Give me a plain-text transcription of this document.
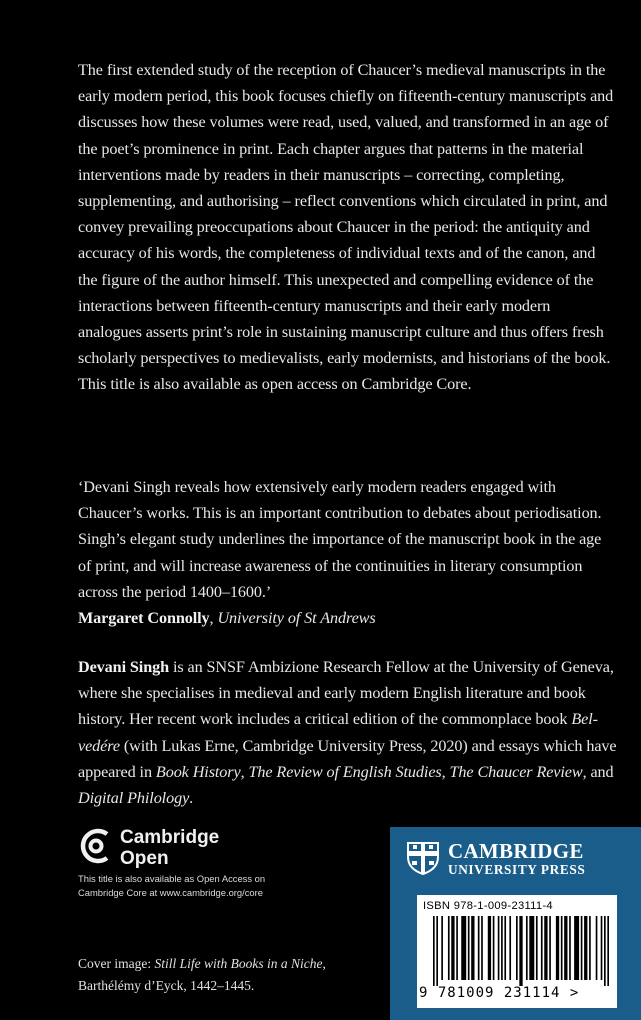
The first extended study of the reception of Chaucer’s medieval manuscripts in the early modern period, this book focuses chiefly on fifteenth-century manuscripts and discusses how these volumes were read, used, valued, and transformed in an age of the poet’s prominence in print. Each chapter argues that patterns in the material interventions made by readers in their manuscripts – correcting, completing, supplementing, and authorising – reflect conventions which circulated in print, and convey prevailing preoccupations about Chaucer in the period: the antiquity and accuracy of his words, the completeness of individual texts and of the canon, and the figure of the author himself. This unexpected and compelling evidence of the interactions between fifteenth-century manuscripts and their early modern analogues asserts print’s role in sustaining manuscript culture and thus offers fresh scholarly perspectives to medievalists, early modernists, and historians of the book. This title is also available as open access on Cambridge Core.

‘Devani Singh reveals how extensively early modern readers engaged with Chaucer’s works. This is an important contribution to debates about periodisation. Singh’s elegant study underlines the importance of the manuscript book in the age of print, and will increase awareness of the continuities in literary consumption across the period 1400–1600.’
Margaret Connolly, University of St Andrews

Devani Singh is an SNSF Ambizione Research Fellow at the University of Geneva, where she specialises in medieval and early modern English literature and book history. Her recent work includes a critical edition of the commonplace book Bel-vedére (with Lukas Erne, Cambridge University Press, 2020) and essays which have appeared in Book History, The Review of English Studies, The Chaucer Review, and Digital Philology.

Cambridge
Open
This title is also available as Open Access on
Cambridge Core at www.cambridge.org/core
Cover image: Still Life with Books in a Niche,
Barthélémy d’Eyck, 1442–1445.
CAMBRIDGE
UNIVERSITY PRESS
ISBN 978-1-009-23111-4
9 781009 231114 >
